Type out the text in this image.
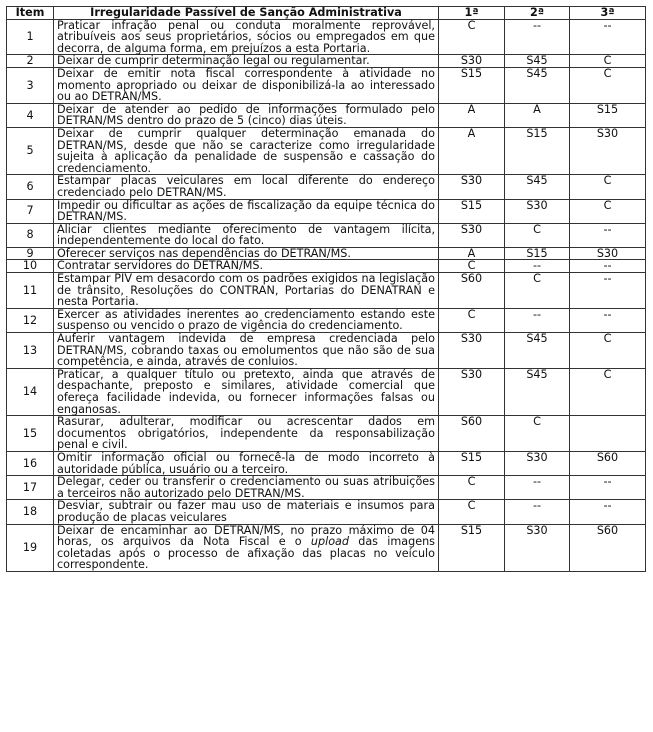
Item	Irregularidade Passível de Sanção Administrativa	1ª	2ª	3ª
1	Praticar infração penal ou conduta moralmente reprovável, atribuíveis aos seus proprietários, sócios ou empregados em que decorra, de alguma forma, em prejuízos a esta Portaria.	C	--	--
2	Deixar de cumprir determinação legal ou regulamentar.	S30	S45	C
3	Deixar de emitir nota fiscal correspondente à atividade no momento apropriado ou deixar de disponibilizá-la ao interessado ou ao DETRAN/MS.	S15	S45	C
4	Deixar de atender ao pedido de informações formulado pelo DETRAN/MS dentro do prazo de 5 (cinco) dias úteis.	A	A	S15
5	Deixar de cumprir qualquer determinação emanada do DETRAN/MS, desde que não se caracterize como irregularidade sujeita à aplicação da penalidade de suspensão e cassação do credenciamento.	A	S15	S30
6	Estampar placas veiculares em local diferente do endereço credenciado pelo DETRAN/MS.	S30	S45	C
7	Impedir ou dificultar as ações de fiscalização da equipe técnica do DETRAN/MS.	S15	S30	C
8	Aliciar clientes mediante oferecimento de vantagem ilícita, independentemente do local do fato.	S30	C	--
9	Oferecer serviços nas dependências do DETRAN/MS.	A	S15	S30
10	Contratar servidores do DETRAN/MS.	C	--	--
11	Estampar PIV em desacordo com os padrões exigidos na legislação de trânsito, Resoluções do CONTRAN, Portarias do DENATRAN e nesta Portaria.	S60	C	--
12	Exercer as atividades inerentes ao credenciamento estando este suspenso ou vencido o prazo de vigência do credenciamento.	C	--	--
13	Auferir vantagem indevida de empresa credenciada pelo DETRAN/MS, cobrando taxas ou emolumentos que não são de sua competência, e ainda, através de conluios.	S30	S45	C
14	Praticar, a qualquer título ou pretexto, ainda que através de despachante, preposto e similares, atividade comercial que ofereça facilidade indevida, ou fornecer informações falsas ou enganosas.	S30	S45	C
15	Rasurar, adulterar, modificar ou acrescentar dados em documentos obrigatórios, independente da responsabilização penal e civil.	S60	C	
16	Omitir informação oficial ou fornecê-la de modo incorreto à autoridade pública, usuário ou a terceiro.	S15	S30	S60
17	Delegar, ceder ou transferir o credenciamento ou suas atribuições a terceiros não autorizado pelo DETRAN/MS.	C	--	--
18	Desviar, subtrair ou fazer mau uso de materiais e insumos para produção de placas veiculares	C	--	--
19	Deixar de encaminhar ao DETRAN/MS, no prazo máximo de 04 horas, os arquivos da Nota Fiscal e o upload das imagens coletadas após o processo de afixação das placas no veículo correspondente.	S15	S30	S60
